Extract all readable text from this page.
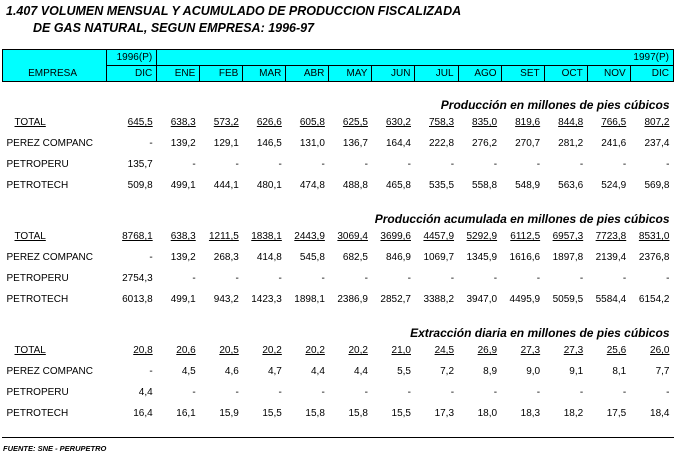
1.407 VOLUMEN MENSUAL Y ACUMULADO DE PRODUCCION FISCALIZADA
DE GAS NATURAL, SEGUN EMPRESA: 1996-97
	1996(P)	1997(P)											
EMPRESA	DIC	ENE	FEB	MAR	ABR	MAY	JUN	JUL	AGO	SET	OCT	NOV	DIC
Producción en millones de pies cúbicos													
TOTAL	645,5	638,3	573,2	626,6	605,8	625,5	630,2	758,3	835,0	819,6	844,8	766,5	807,2
PEREZ COMPANC	-	139,2	129,1	146,5	131,0	136,7	164,4	222,8	276,2	270,7	281,2	241,6	237,4
PETROPERU	135,7	-	-	-	-	-	-	-	-	-	-	-	-
PETROTECH	509,8	499,1	444,1	480,1	474,8	488,8	465,8	535,5	558,8	548,9	563,6	524,9	569,8
Producción acumulada en millones de pies cúbicos													
TOTAL	8768,1	638,3	1211,5	1838,1	2443,9	3069,4	3699,6	4457,9	5292,9	6112,5	6957,3	7723,8	8531,0
PEREZ COMPANC	-	139,2	268,3	414,8	545,8	682,5	846,9	1069,7	1345,9	1616,6	1897,8	2139,4	2376,8
PETROPERU	2754,3	-	-	-	-	-	-	-	-	-	-	-	-
PETROTECH	6013,8	499,1	943,2	1423,3	1898,1	2386,9	2852,7	3388,2	3947,0	4495,9	5059,5	5584,4	6154,2
Extracción diaria en millones de pies cúbicos													
TOTAL	20,8	20,6	20,5	20,2	20,2	20,2	21,0	24,5	26,9	27,3	27,3	25,6	26,0
PEREZ COMPANC	-	4,5	4,6	4,7	4,4	4,4	5,5	7,2	8,9	9,0	9,1	8,1	7,7
PETROPERU	4,4	-	-	-	-	-	-	-	-	-	-	-	-
PETROTECH	16,4	16,1	15,9	15,5	15,8	15,8	15,5	17,3	18,0	18,3	18,2	17,5	18,4
FUENTE: SNE - PERUPETRO
